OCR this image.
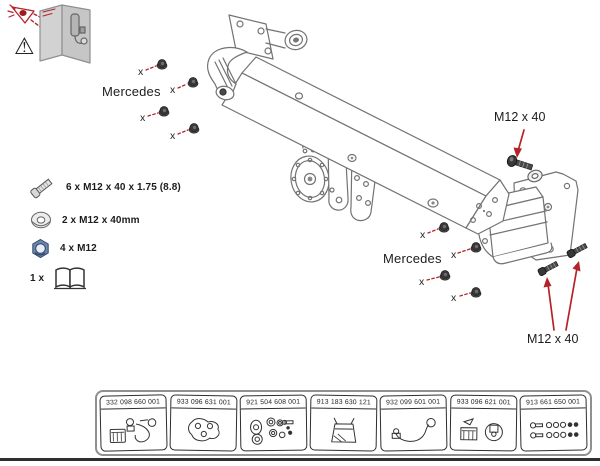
⚠
Mercedes
Mercedes
M12 x 40
M12 x 40
x
x
x
x
x
x
x
x
6 x M12 x 40 x 1.75 (8.8)
2 x M12 x 40mm
4 x M12
1 x
332 098 660 001	933 096 631 001	921 504 608 001	913 183 630 121	932 099 601 001	933 096 621 001	913 661 650 001
